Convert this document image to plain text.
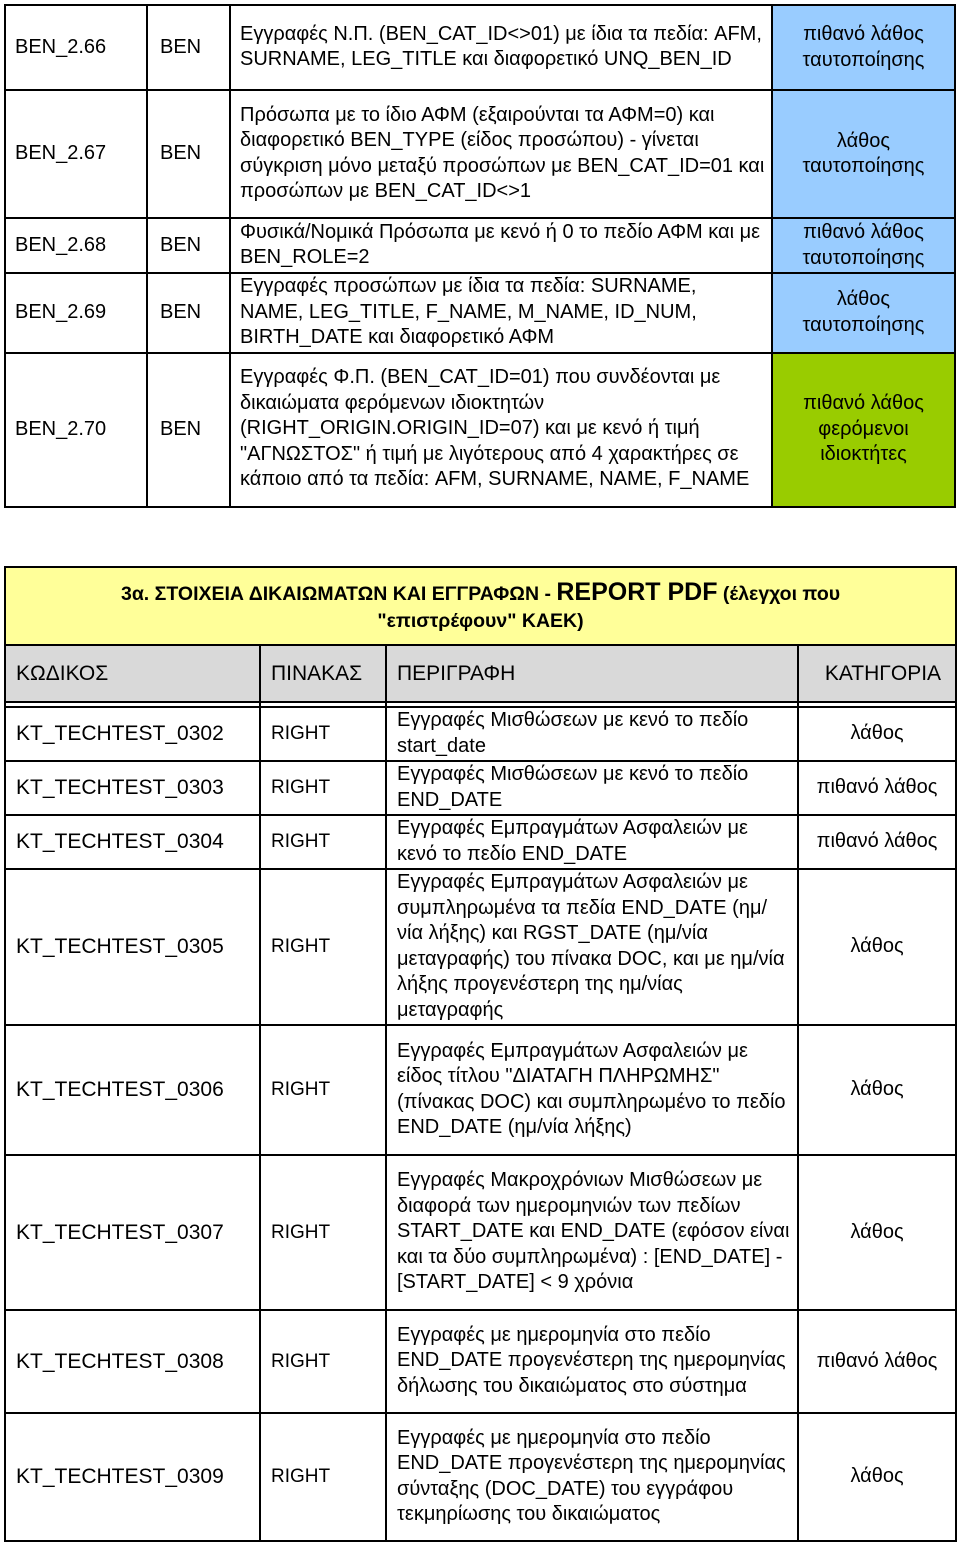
BEN_2.66	BEN	Εγγραφές Ν.Π. (BEN_CAT_ID<>01) με ίδια τα πεδία: AFM, SURNAME, LEG_TITLE και διαφορετικό UNQ_BEN_ID	πιθανό λάθος ταυτοποίησης
BEN_2.67	BEN	Πρόσωπα με το ίδιο ΑΦΜ (εξαιρούνται τα ΑΦΜ=0) και διαφορετικό BEN_TYPE (είδος προσώπου) - γίνεται σύγκριση μόνο μεταξύ προσώπων με BEN_CAT_ID=01 και προσώπων με BEN_CAT_ID<>1	λάθος ταυτοποίησης
BEN_2.68	BEN	Φυσικά/Νομικά Πρόσωπα με κενό ή 0 το πεδίο ΑΦΜ και με BEN_ROLE=2	πιθανό λάθος ταυτοποίησης
BEN_2.69	BEN	Εγγραφές προσώπων με ίδια τα πεδία: SURNAME, NAME, LEG_TITLE, F_NAME, M_NAME, ID_NUM, BIRTH_DATE και διαφορετικό ΑΦΜ	λάθος ταυτοποίησης
BEN_2.70	BEN	Εγγραφές Φ.Π. (BEN_CAT_ID=01) που συνδέονται με δικαιώματα φερόμενων ιδιοκτητών (RIGHT_ORIGIN.ORIGIN_ID=07) και με κενό ή τιμή "ΑΓΝΩΣΤΟΣ" ή τιμή με λιγότερους από 4 χαρακτήρες σε κάποιο από τα πεδία: AFM, SURNAME, NAME, F_NAME	πιθανό λάθος φερόμενοι ιδιοκτήτες
3α. ΣΤΟΙΧΕΙΑ ΔΙΚΑΙΩΜΑΤΩΝ ΚΑΙ ΕΓΓΡΑΦΩΝ - REPORT PDF (έλεγχοι που
"επιστρέφουν" ΚΑΕΚ)			

ΚΩΔΙΚΟΣ	ΠΙΝΑΚΑΣ	ΠΕΡΙΓΡΑΦΗ	ΚΑΤΗΓΟΡΙΑ

KT_TECHTEST_0302	RIGHT	Εγγραφές Μισθώσεων με κενό το πεδίο start_date	λάθος
KT_TECHTEST_0303	RIGHT	Εγγραφές Μισθώσεων με κενό το πεδίο END_DATE	πιθανό λάθος
KT_TECHTEST_0304	RIGHT	Εγγραφές Εμπραγμάτων Ασφαλειών με κενό το πεδίο END_DATE	πιθανό λάθος
KT_TECHTEST_0305	RIGHT	Εγγραφές Εμπραγμάτων Ασφαλειών με συμπληρωμένα τα πεδία END_DATE (ημ/νία λήξης) και RGST_DATE (ημ/νία μεταγραφής) του πίνακα DOC, και με ημ/νία λήξης προγενέστερη της ημ/νίας μεταγραφής	λάθος
KT_TECHTEST_0306	RIGHT	Εγγραφές Εμπραγμάτων Ασφαλειών με είδος τίτλου "ΔΙΑΤΑΓΗ ΠΛΗΡΩΜΗΣ" (πίνακας DOC) και συμπληρωμένο το πεδίο END_DATE (ημ/νία λήξης)	λάθος
KT_TECHTEST_0307	RIGHT	Εγγραφές Μακροχρόνιων Μισθώσεων με διαφορά των ημερομηνιών των πεδίων START_DATE και END_DATE (εφόσον είναι και τα δύο συμπληρωμένα) : [END_DATE] - [START_DATE] < 9 χρόνια	λάθος
KT_TECHTEST_0308	RIGHT	Εγγραφές με ημερομηνία στο πεδίο END_DATE προγενέστερη της ημερομηνίας δήλωσης του δικαιώματος στο σύστημα	πιθανό λάθος
KT_TECHTEST_0309	RIGHT	Εγγραφές με ημερομηνία στο πεδίο END_DATE προγενέστερη της ημερομηνίας σύνταξης (DOC_DATE) του εγγράφου τεκμηρίωσης του δικαιώματος	λάθος
